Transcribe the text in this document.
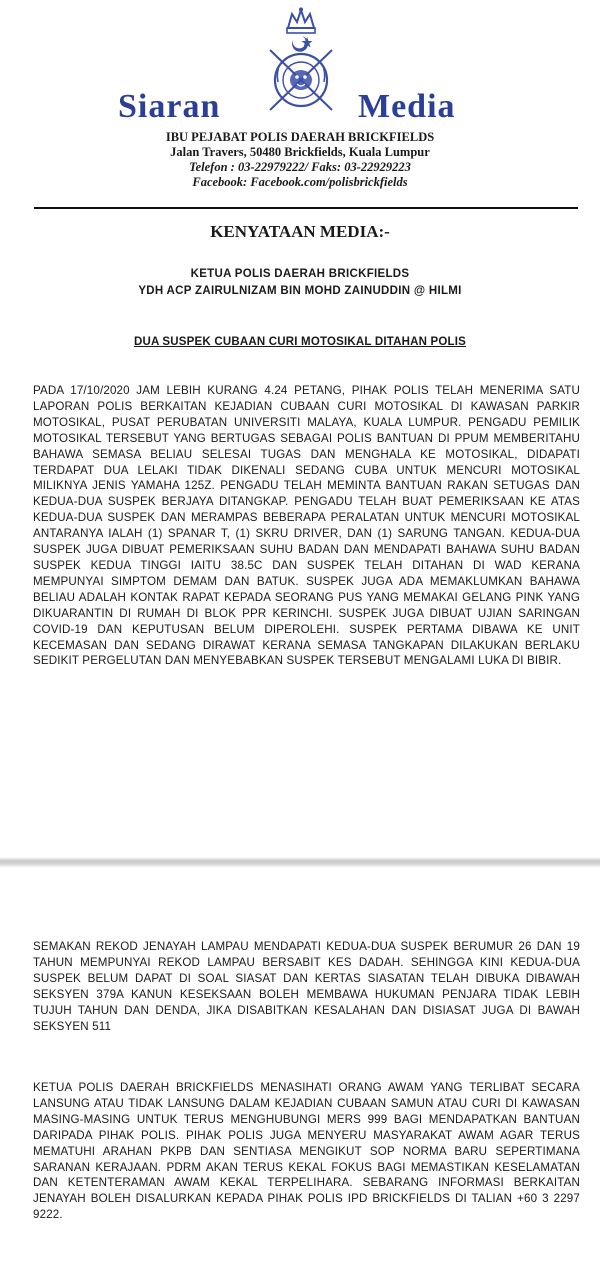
Siaran	Media
IBU PEJABAT POLIS DAERAH BRICKFIELDS
Jalan Travers, 50480 Brickfields, Kuala Lumpur
Telefon : 03-22979222/ Faks: 03-22929223
Facebook: Facebook.com/polisbrickfields
KENYATAAN MEDIA:-
KETUA POLIS DAERAH BRICKFIELDS
YDH ACP ZAIRULNIZAM BIN MOHD ZAINUDDIN @ HILMI
DUA SUSPEK CUBAAN CURI MOTOSIKAL DITAHAN POLIS

PADA 17/10/2020 JAM LEBIH KURANG 4.24 PETANG, PIHAK POLIS TELAH MENERIMA SATU LAPORAN POLIS BERKAITAN KEJADIAN CUBAAN CURI MOTOSIKAL DI KAWASAN PARKIR MOTOSIKAL, PUSAT PERUBATAN UNIVERSITI MALAYA, KUALA LUMPUR. PENGADU PEMILIK MOTOSIKAL TERSEBUT YANG BERTUGAS SEBAGAI POLIS BANTUAN DI PPUM MEMBERITAHU BAHAWA SEMASA BELIAU SELESAI TUGAS DAN MENGHALA KE MOTOSIKAL, DIDAPATI TERDAPAT DUA LELAKI TIDAK DIKENALI SEDANG CUBA UNTUK MENCURI MOTOSIKAL MILIKNYA JENIS YAMAHA 125Z. PENGADU TELAH MEMINTA BANTUAN RAKAN SETUGAS DAN KEDUA-DUA SUSPEK BERJAYA DITANGKAP. PENGADU TELAH BUAT PEMERIKSAAN KE ATAS KEDUA-DUA SUSPEK DAN MERAMPAS BEBERAPA PERALATAN UNTUK MENCURI MOTOSIKAL ANTARANYA IALAH (1) SPANAR T, (1) SKRU DRIVER, DAN (1) SARUNG TANGAN. KEDUA-DUA SUSPEK JUGA DIBUAT PEMERIKSAAN SUHU BADAN DAN MENDAPATI BAHAWA SUHU BADAN SUSPEK KEDUA TINGGI IAITU 38.5C DAN SUSPEK TELAH DITAHAN DI WAD KERANA MEMPUNYAI SIMPTOM DEMAM DAN BATUK. SUSPEK JUGA ADA MEMAKLUMKAN BAHAWA BELIAU ADALAH KONTAK RAPAT KEPADA SEORANG PUS YANG MEMAKAI GELANG PINK YANG DIKUARANTIN DI RUMAH DI BLOK PPR KERINCHI. SUSPEK JUGA DIBUAT UJIAN SARINGAN COVID-19 DAN KEPUTUSAN BELUM DIPEROLEHI. SUSPEK PERTAMA DIBAWA KE UNIT KECEMASAN DAN SEDANG DIRAWAT KERANA SEMASA TANGKAPAN DILAKUKAN BERLAKU SEDIKIT PERGELUTAN DAN MENYEBABKAN SUSPEK TERSEBUT MENGALAMI LUKA DI BIBIR.

SEMAKAN REKOD JENAYAH LAMPAU MENDAPATI KEDUA-DUA SUSPEK BERUMUR 26 DAN 19 TAHUN MEMPUNYAI REKOD LAMPAU BERSABIT KES DADAH. SEHINGGA KINI KEDUA-DUA SUSPEK BELUM DAPAT DI SOAL SIASAT DAN KERTAS SIASATAN TELAH DIBUKA DIBAWAH SEKSYEN 379A KANUN KESEKSAAN BOLEH MEMBAWA HUKUMAN PENJARA TIDAK LEBIH TUJUH TAHUN DAN DENDA, JIKA DISABITKAN KESALAHAN DAN DISIASAT JUGA DI BAWAH SEKSYEN 511

KETUA POLIS DAERAH BRICKFIELDS MENASIHATI ORANG AWAM YANG TERLIBAT SECARA LANSUNG ATAU TIDAK LANSUNG DALAM KEJADIAN CUBAAN SAMUN ATAU CURI DI KAWASAN MASING-MASING UNTUK TERUS MENGHUBUNGI MERS 999 BAGI MENDAPATKAN BANTUAN DARIPADA PIHAK POLIS. PIHAK POLIS JUGA MENYERU MASYARAKAT AWAM AGAR TERUS MEMATUHI ARAHAN PKPB DAN SENTIASA MENGIKUT SOP NORMA BARU SEPERTIMANA SARANAN KERAJAAN. PDRM AKAN TERUS KEKAL FOKUS BAGI MEMASTIKAN KESELAMATAN DAN KETENTERAMAN AWAM KEKAL TERPELIHARA. SEBARANG INFORMASI BERKAITAN JENAYAH BOLEH DISALURKAN KEPADA PIHAK POLIS IPD BRICKFIELDS DI TALIAN +60 3 2297 9222.
